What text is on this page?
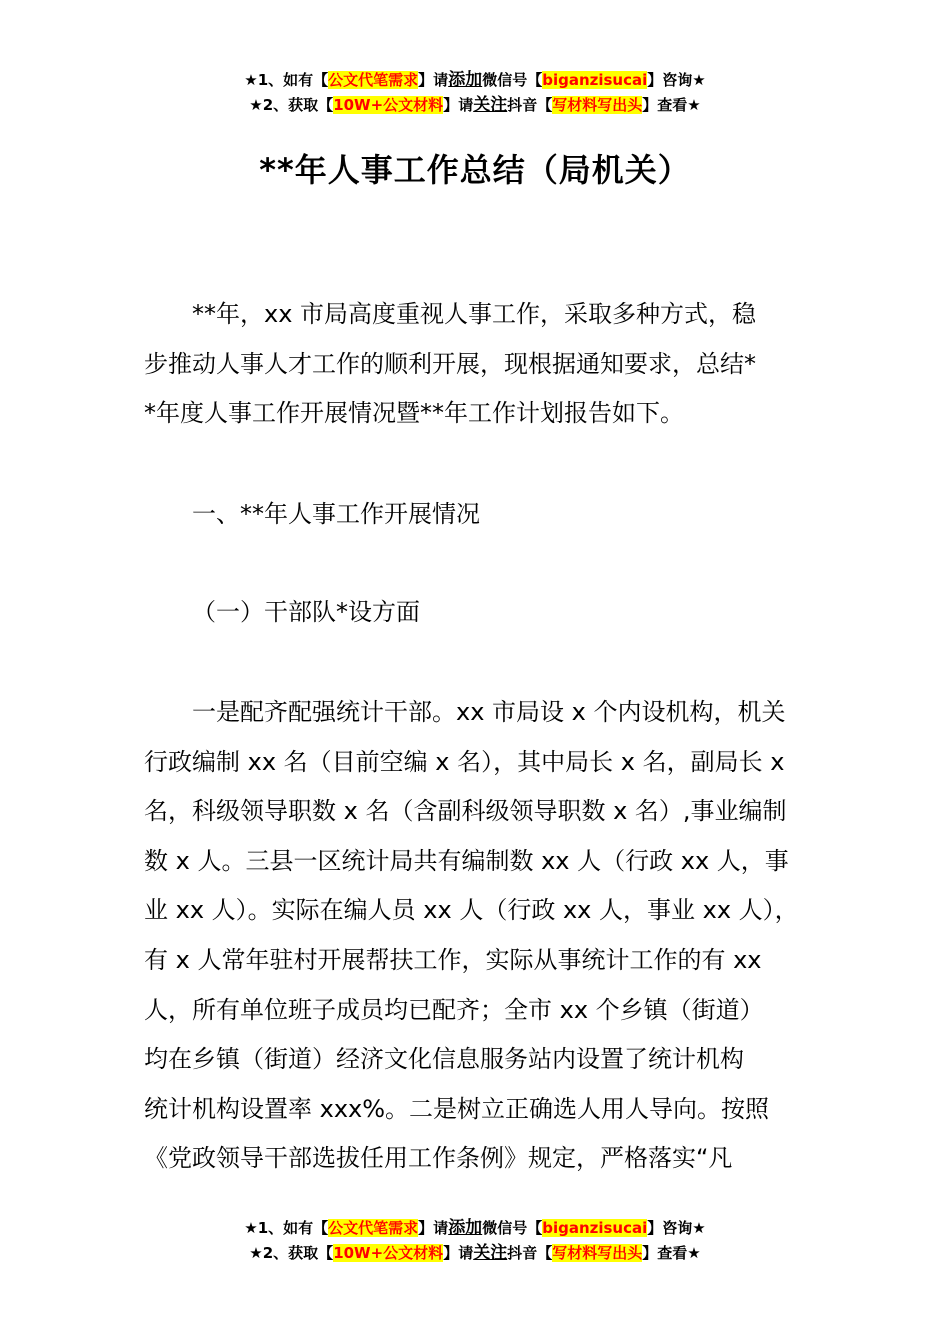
★1、如有【公文代笔需求】请添加微信号【biganzisucai】咨询★
★2、获取【10W+公文材料】请关注抖音【写材料写出头】查看★
**年人事工作总结（局机关）

**年，xx 市局高度重视人事工作，采取多种方式，稳

步推动人事人才工作的顺利开展，现根据通知要求，总结*

*年度人事工作开展情况暨**年工作计划报告如下。

一、**年人事工作开展情况

（一）干部队*设方面

一是配齐配强统计干部。xx 市局设 x 个内设机构，机关

行政编制 xx 名（目前空编 x 名），其中局长 x 名，副局长 x

名，科级领导职数 x 名（含副科级领导职数 x 名）,事业编制

数 x 人。三县一区统计局共有编制数 xx 人（行政 xx 人，事

业 xx 人）。实际在编人员 xx 人（行政 xx 人，事业 xx 人），

有 x 人常年驻村开展帮扶工作，实际从事统计工作的有 xx

人，所有单位班子成员均已配齐；全市 xx 个乡镇（街道）

均在乡镇（街道）经济文化信息服务站内设置了统计机构

统计机构设置率 xxx%。二是树立正确选人用人导向。按照

《党政领导干部选拔任用工作条例》规定，严格落实“凡

★1、如有【公文代笔需求】请添加微信号【biganzisucai】咨询★
★2、获取【10W+公文材料】请关注抖音【写材料写出头】查看★
